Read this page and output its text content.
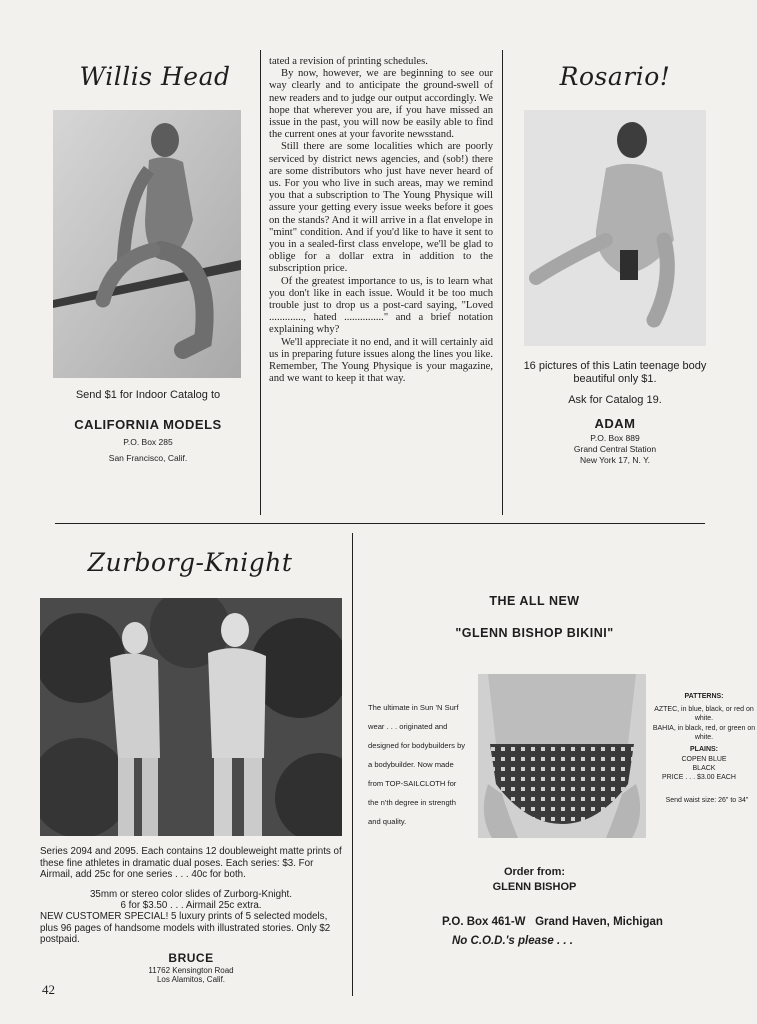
Willis Head
Send $1 for Indoor Catalog to
CALIFORNIA MODELS
P.O. Box 285
San Francisco, Calif.

tated a revision of printing schedules.

By now, however, we are beginning to see our way clearly and to anticipate the ground-swell of new readers and to judge our output accordingly. We hope that wherever you are, if you have missed an issue in the past, you will now be easily able to find the current ones at your favorite newsstand.

Still there are some localities which are poorly serviced by district news agencies, and (sob!) there are some distributors who just have never heard of us. For you who live in such areas, may we remind you that a subscription to The Young Physique will assure your getting every issue weeks before it goes on the stands? And it will arrive in a flat envelope in "mint" condition. And if you'd like to have it sent to you in a sealed-first class envelope, we'll be glad to oblige for a dollar extra in addition to the subscription price.

Of the greatest importance to us, is to learn what you don't like in each issue. Would it be too much trouble just to drop us a post-card saying, "Loved ............., hated ..............." and a brief notation explaining why?

We'll appreciate it no end, and it will certainly aid us in preparing future issues along the lines you like. Remember, The Young Physique is your magazine, and we want to keep it that way.

Rosario!
16 pictures of this Latin teenage body beautiful only $1.
Ask for Catalog 19.
ADAM
P.O. Box 889
Grand Central Station
New York 17, N. Y.
Zurborg-Knight
Series 2094 and 2095. Each contains 12 doubleweight matte prints of these fine athletes in dramatic dual poses. Each series: $3. For Airmail, add 25c for one series . . . 40c for both.
35mm or stereo color slides of Zurborg-Knight.
6 for $3.50 . . . Airmail 25c extra.
NEW CUSTOMER SPECIAL! 5 luxury prints of 5 selected models, plus 96 pages of handsome models with illustrated stories. Only $2 postpaid.
BRUCE
11762 Kensington Road
Los Alamitos, Calif.
42
THE ALL NEW
"GLENN BISHOP BIKINI"
The ultimate in Sun 'N Surf wear . . . originated and designed for bodybuilders by a bodybuilder. Now made from TOP-SAILCLOTH for the n'th degree in strength and quality.
PATTERNS:
AZTEC, in blue, black, or red on white.
BAHIA, in black, red, or green on white.
PLAINS:
COPEN BLUE BLACK
PRICE . . . $3.00 EACH
Send waist size: 26" to 34"
Order from:
GLENN BISHOP
P.O. Box 461-W   Grand Haven, Michigan
No C.O.D.'s please . . .
